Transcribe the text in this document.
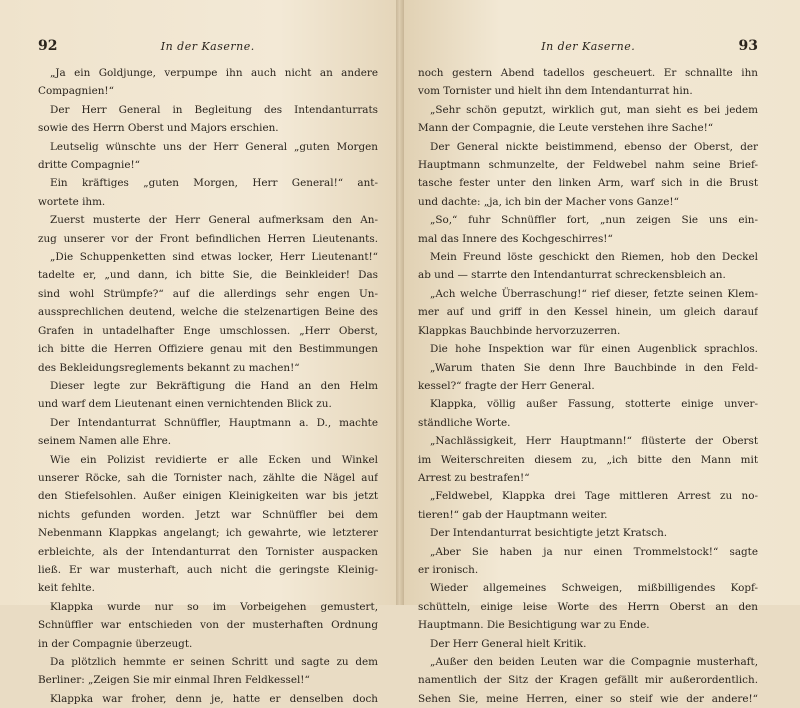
92	In der Kaserne.
„Ja ein Goldjunge, verpumpe ihn auch nicht an andere
Compagnien!“
Der Herr General in Begleitung des Intendanturrats
sowie des Herrn Oberst und Majors erschien.
Leutselig wünschte uns der Herr General „guten Morgen
dritte Compagnie!“
Ein kräftiges „guten Morgen, Herr General!“ ant-
wortete ihm.
Zuerst musterte der Herr General aufmerksam den An-
zug unserer vor der Front befindlichen Herren Lieutenants.
„Die Schuppenketten sind etwas locker, Herr Lieutenant!“
tadelte er, „und dann, ich bitte Sie, die Beinkleider! Das
sind wohl Strümpfe?“ auf die allerdings sehr engen Un-
aussprechlichen deutend, welche die stelzenartigen Beine des
Grafen in untadelhafter Enge umschlossen. „Herr Oberst,
ich bitte die Herren Offiziere genau mit den Bestimmungen
des Bekleidungsreglements bekannt zu machen!“
Dieser legte zur Bekräftigung die Hand an den Helm
und warf dem Lieutenant einen vernichtenden Blick zu.
Der Intendanturrat Schnüffler, Hauptmann a. D., machte
seinem Namen alle Ehre.
Wie ein Polizist revidierte er alle Ecken und Winkel
unserer Röcke, sah die Tornister nach, zählte die Nägel auf
den Stiefelsohlen. Außer einigen Kleinigkeiten war bis jetzt
nichts gefunden worden. Jetzt war Schnüffler bei dem
Nebenmann Klappkas angelangt; ich gewahrte, wie letzterer
erbleichte, als der Intendanturrat den Tornister auspacken
ließ. Er war musterhaft, auch nicht die geringste Kleinig-
keit fehlte.
Klappka wurde nur so im Vorbeigehen gemustert,
Schnüffler war entschieden von der musterhaften Ordnung
in der Compagnie überzeugt.
Da plötzlich hemmte er seinen Schritt und sagte zu dem
Berliner: „Zeigen Sie mir einmal Ihren Feldkessel!“
Klappka war froher, denn je, hatte er denselben doch
In der Kaserne.	93
noch gestern Abend tadellos gescheuert. Er schnallte ihn
vom Tornister und hielt ihn dem Intendanturrat hin.
„Sehr schön geputzt, wirklich gut, man sieht es bei jedem
Mann der Compagnie, die Leute verstehen ihre Sache!“
Der General nickte beistimmend, ebenso der Oberst, der
Hauptmann schmunzelte, der Feldwebel nahm seine Brief-
tasche fester unter den linken Arm, warf sich in die Brust
und dachte: „ja, ich bin der Macher vons Ganze!“
„So,“ fuhr Schnüffler fort, „nun zeigen Sie uns ein-
mal das Innere des Kochgeschirres!“
Mein Freund löste geschickt den Riemen, hob den Deckel
ab und — starrte den Intendanturrat schreckensbleich an.
„Ach welche Überraschung!“ rief dieser, fetzte seinen Klem-
mer auf und griff in den Kessel hinein, um gleich darauf
Klappkas Bauchbinde hervorzuzerren.
Die hohe Inspektion war für einen Augenblick sprachlos.
„Warum thaten Sie denn Ihre Bauchbinde in den Feld-
kessel?“ fragte der Herr General.
Klappka, völlig außer Fassung, stotterte einige unver-
ständliche Worte.
„Nachlässigkeit, Herr Hauptmann!“ flüsterte der Oberst
im Weiterschreiten diesem zu, „ich bitte den Mann mit
Arrest zu bestrafen!“
„Feldwebel, Klappka drei Tage mittleren Arrest zu no-
tieren!“ gab der Hauptmann weiter.
Der Intendanturrat besichtigte jetzt Kratsch.
„Aber Sie haben ja nur einen Trommelstock!“ sagte
er ironisch.
Wieder allgemeines Schweigen, mißbilligendes Kopf-
schütteln, einige leise Worte des Herrn Oberst an den
Hauptmann. Die Besichtigung war zu Ende.
Der Herr General hielt Kritik.
„Außer den beiden Leuten war die Compagnie musterhaft,
namentlich der Sitz der Kragen gefällt mir außerordentlich.
Sehen Sie, meine Herren, einer so steif wie der andere!“
